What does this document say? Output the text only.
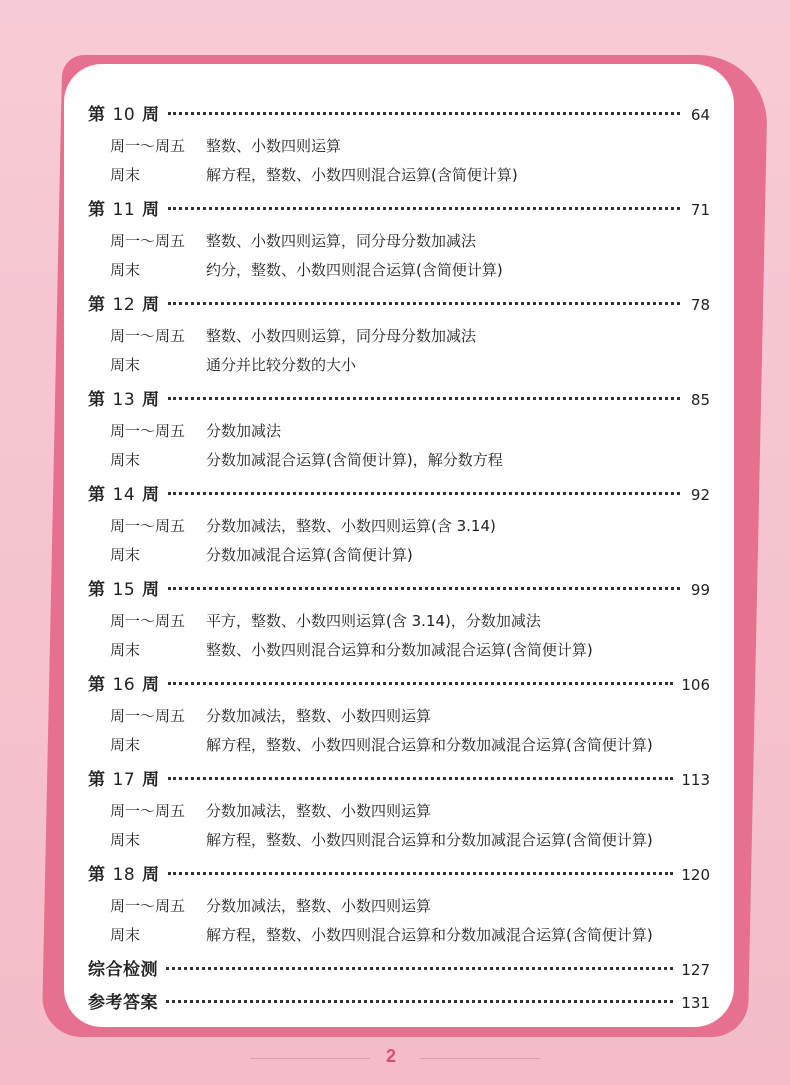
第 10 周	64
周一～周五	整数、小数四则运算
周末	解方程，整数、小数四则混合运算(含简便计算)
第 11 周	71
周一～周五	整数、小数四则运算，同分母分数加减法
周末	约分，整数、小数四则混合运算(含简便计算)
第 12 周	78
周一～周五	整数、小数四则运算，同分母分数加减法
周末	通分并比较分数的大小
第 13 周	85
周一～周五	分数加减法
周末	分数加减混合运算(含简便计算)，解分数方程
第 14 周	92
周一～周五	分数加减法，整数、小数四则运算(含 3.14)
周末	分数加减混合运算(含简便计算)
第 15 周	99
周一～周五	平方，整数、小数四则运算(含 3.14)，分数加减法
周末	整数、小数四则混合运算和分数加减混合运算(含简便计算)
第 16 周	106
周一～周五	分数加减法，整数、小数四则运算
周末	解方程，整数、小数四则混合运算和分数加减混合运算(含简便计算)
第 17 周	113
周一～周五	分数加减法，整数、小数四则运算
周末	解方程，整数、小数四则混合运算和分数加减混合运算(含简便计算)
第 18 周	120
周一～周五	分数加减法，整数、小数四则运算
周末	解方程，整数、小数四则混合运算和分数加减混合运算(含简便计算)
综合检测	127
参考答案	131
2
